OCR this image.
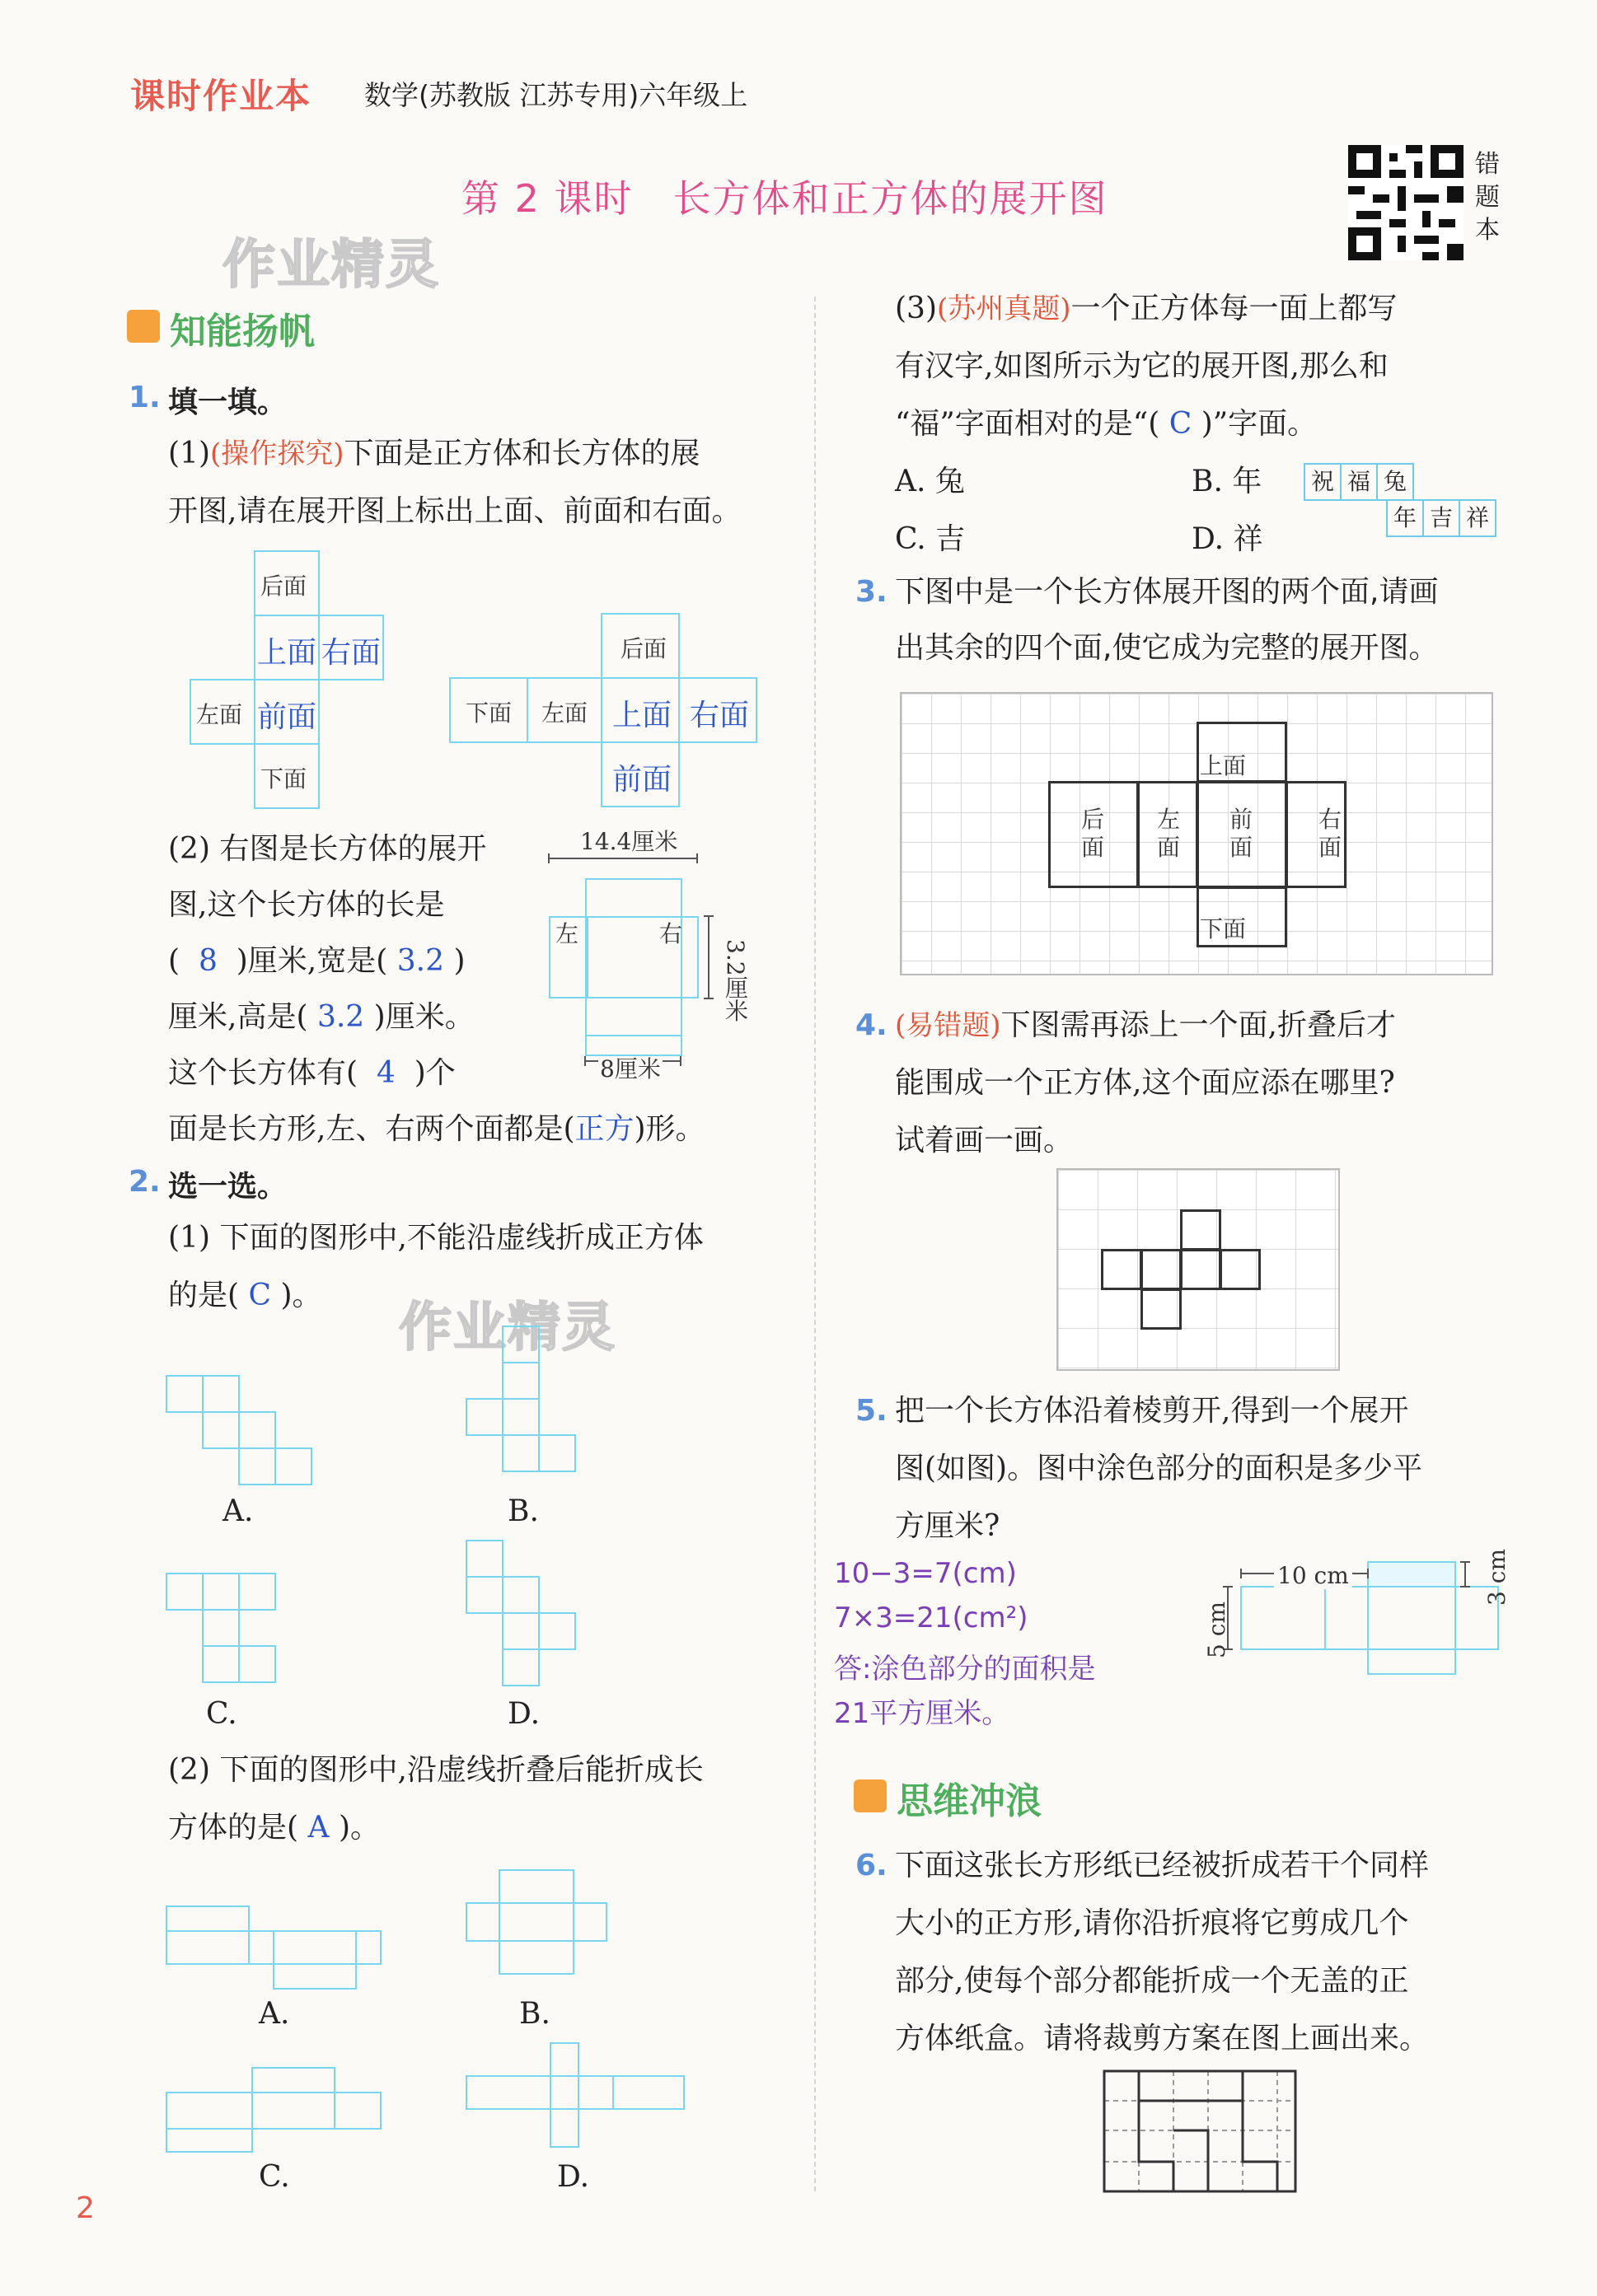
课时作业本 数学(苏教版 江苏专用)六年级上
第 2 课时　长方体和正方体的展开图
错题本
作业精灵
作业精灵
知能扬帆
1. 填一填。
(1)(操作探究)下面是正方体和长方体的展
开图,请在展开图上标出上面、前面和右面。
后面
上面 右面
左面 前面
下面
后面
下面 左面 上面 右面
前面
(2) 右图是长方体的展开
图,这个长方体的长是
( 8 )厘米,宽是( 3.2 )
厘米,高是( 3.2 )厘米。
这个长方体有( 4 )个
面是长方形,左、右两个面都是(正方)形。
14.4厘米
8厘米
3.2厘米
左	右
2. 选一选。
(1) 下面的图形中,不能沿虚线折成正方体
的是( C )。
A.	B.
C.	D.
(2) 下面的图形中,沿虚线折叠后能折成长
方体的是( A )。
A.	B.
C.	D.
(3)(苏州真题)一个正方体每一面上都写
有汉字,如图所示为它的展开图,那么和
“福”字面相对的是“( C )”字面。
A. 兔	B. 年
C. 吉	D. 祥
祝 福 兔
年 吉 祥
3. 下图中是一个长方体展开图的两个面,请画
出其余的四个面,使它成为完整的展开图。
上面
后面
左面
前面
右面
下面
4. (易错题)下图需再添上一个面,折叠后才
能围成一个正方体,这个面应添在哪里?
试着画一画。
5. 把一个长方体沿着棱剪开,得到一个展开
图(如图)。图中涂色部分的面积是多少平
方厘米?
10−3=7(cm)
7×3=21(cm²)
答:涂色部分的面积是
21平方厘米。
10 cm	3 cm
5 cm
思维冲浪
6. 下面这张长方形纸已经被折成若干个同样
大小的正方形,请你沿折痕将它剪成几个
部分,使每个部分都能折成一个无盖的正
方体纸盒。请将裁剪方案在图上画出来。
2
